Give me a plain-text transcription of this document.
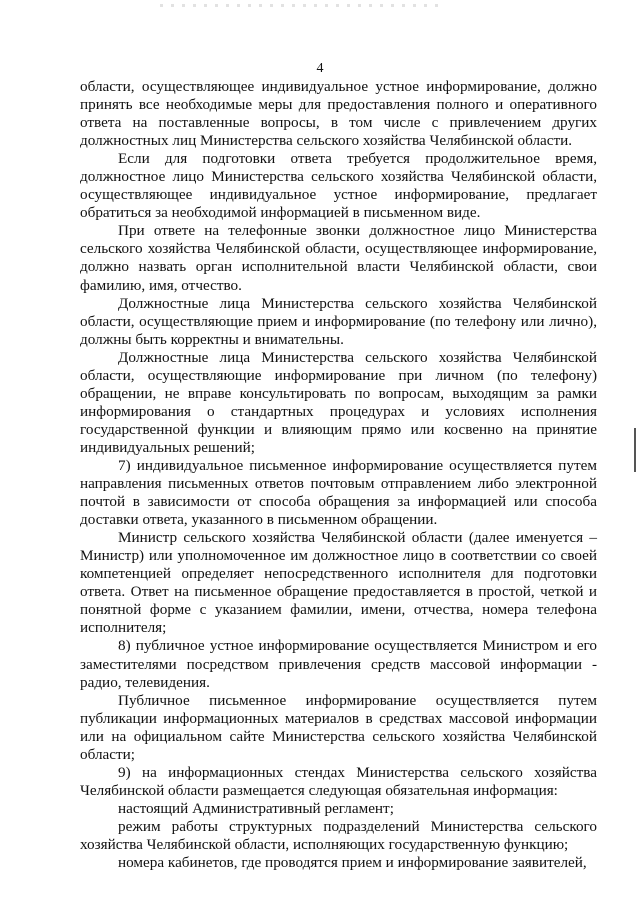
4

области, осуществляющее индивидуальное устное информирование, должно принять все необходимые меры для предоставления полного и оперативного ответа на поставленные вопросы, в том числе с привлечением других должностных лиц Министерства сельского хозяйства Челябинской области.

Если для подготовки ответа требуется продолжительное время, должностное лицо Министерства сельского хозяйства Челябинской области, осуществляющее индивидуальное устное информирование, предлагает обратиться за необходимой информацией в письменном виде.

При ответе на телефонные звонки должностное лицо Министерства сельского хозяйства Челябинской области, осуществляющее информирование, должно назвать орган исполнительной власти Челябинской области, свои фамилию, имя, отчество.

Должностные лица Министерства сельского хозяйства Челябинской области, осуществляющие прием и информирование (по телефону или лично), должны быть корректны и внимательны.

Должностные лица Министерства сельского хозяйства Челябинской области, осуществляющие информирование при личном (по телефону) обращении, не вправе консультировать по вопросам, выходящим за рамки информирования о стандартных процедурах и условиях исполнения государственной функции и влияющим прямо или косвенно на принятие индивидуальных решений;

7) индивидуальное письменное информирование осуществляется путем направления письменных ответов почтовым отправлением либо электронной почтой в зависимости от способа обращения за информацией или способа доставки ответа, указанного в письменном обращении.

Министр сельского хозяйства Челябинской области (далее именуется – Министр) или уполномоченное им должностное лицо в соответствии со своей компетенцией определяет непосредственного исполнителя для подготовки ответа. Ответ на письменное обращение предоставляется в простой, четкой и понятной форме с указанием фамилии, имени, отчества, номера телефона исполнителя;

8) публичное устное информирование осуществляется Министром и его заместителями посредством привлечения средств массовой информации - радио, телевидения.

Публичное письменное информирование осуществляется путем публикации информационных материалов в средствах массовой информации или на официальном сайте Министерства сельского хозяйства Челябинской области;

9) на информационных стендах Министерства сельского хозяйства Челябинской области размещается следующая обязательная информация:

настоящий Административный регламент;

режим работы структурных подразделений Министерства сельского хозяйства Челябинской области, исполняющих государственную функцию;

номера кабинетов, где проводятся прием и информирование заявителей,
